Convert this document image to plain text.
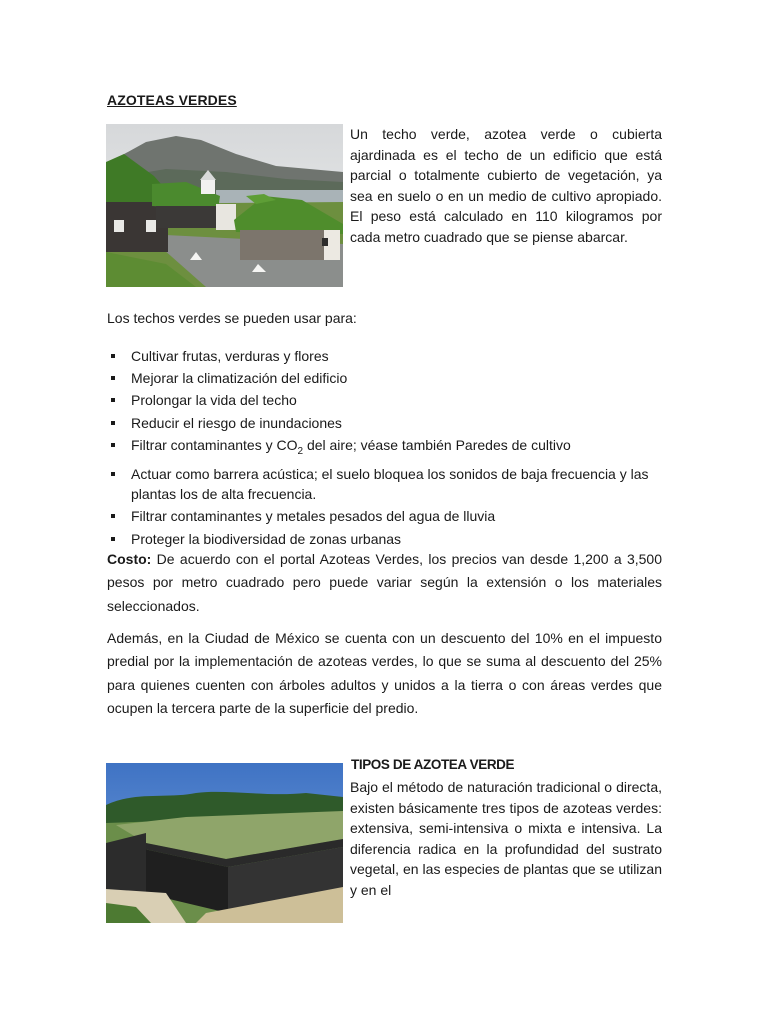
AZOTEAS VERDES
Un techo verde, azotea verde o cubierta ajardinada es el techo de un edificio que está parcial o totalmente cubierto de vegetación, ya sea en suelo o en un medio de cultivo apropiado. El peso está calculado en 110 kilogramos por cada metro cuadrado que se piense abarcar.
Los techos verdes se pueden usar para:
Cultivar frutas, verduras y flores
Mejorar la climatización del edificio
Prolongar la vida del techo
Reducir el riesgo de inundaciones
Filtrar contaminantes y $CO_2$ del aire; véase también Paredes de cultivo
Actuar como barrera acústica; el suelo bloquea los sonidos de baja frecuencia y las plantas los de alta frecuencia.
Filtrar contaminantes y metales pesados del agua de lluvia
Proteger la biodiversidad de zonas urbanas
Costo: De acuerdo con el portal Azoteas Verdes, los precios van desde 1,200 a 3,500 pesos por metro cuadrado pero puede variar según la extensión o los materiales seleccionados.
Además, en la Ciudad de México se cuenta con un descuento del 10% en el impuesto predial por la implementación de azoteas verdes, lo que se suma al descuento del 25% para quienes cuenten con árboles adultos y unidos a la tierra o con áreas verdes que ocupen la tercera parte de la superficie del predio.
TIPOS DE AZOTEA VERDE
Bajo el método de naturación tradicional o directa, existen básicamente tres tipos de azoteas verdes: extensiva, semi-intensiva o mixta e intensiva. La diferencia radica en la profundidad del sustrato vegetal, en las especies de plantas que se utilizan y en el
